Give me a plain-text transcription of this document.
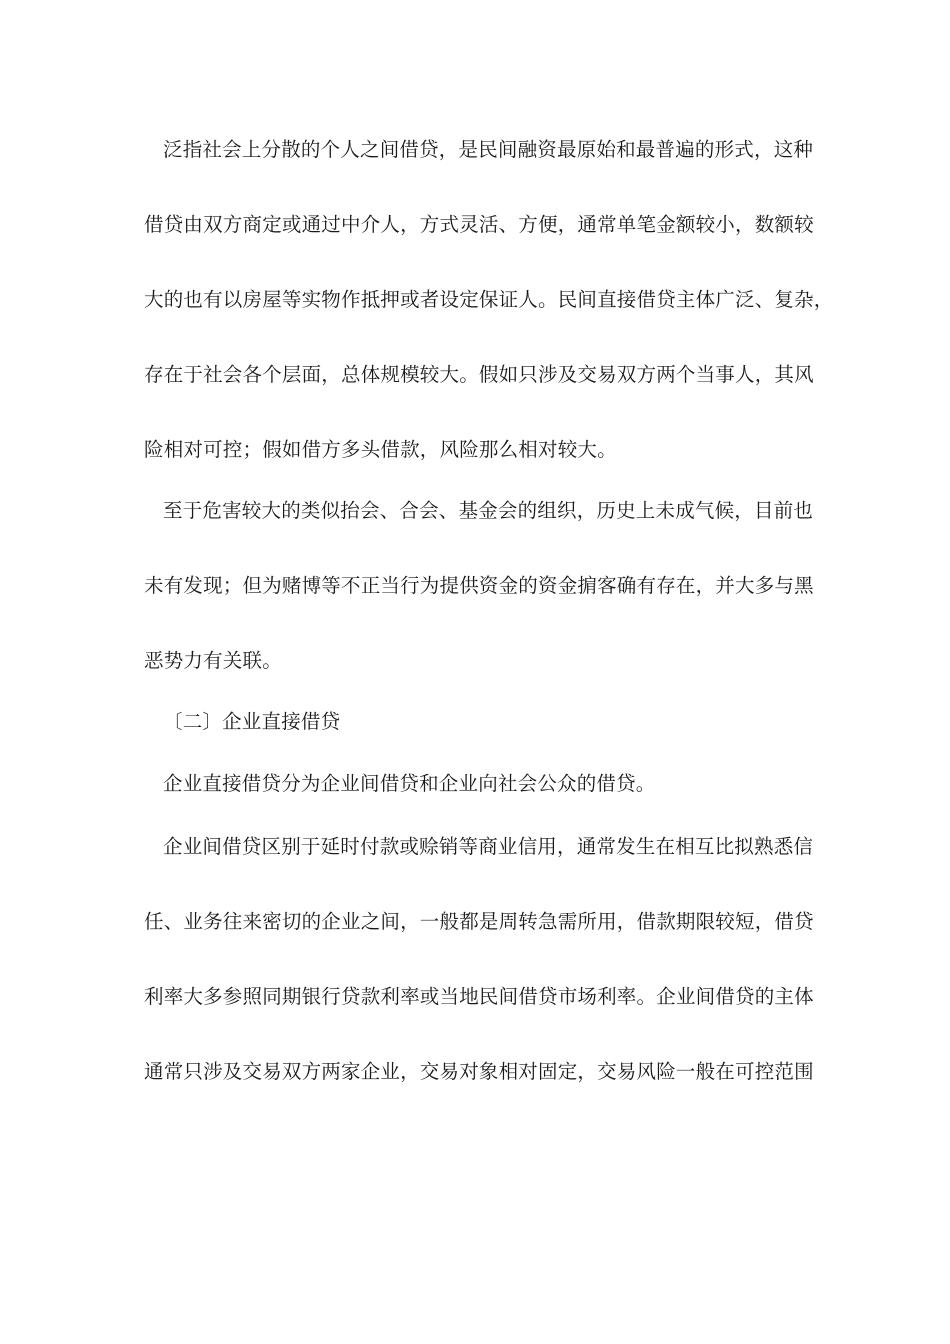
泛指社会上分散的个人之间借贷，是民间融资最原始和最普遍的形式，这种
借贷由双方商定或通过中介人，方式灵活、方便，通常单笔金额较小，数额较
大的也有以房屋等实物作抵押或者设定保证人。民间直接借贷主体广泛、复杂，
存在于社会各个层面，总体规模较大。假如只涉及交易双方两个当事人，其风
险相对可控；假如借方多头借款，风险那么相对较大。
至于危害较大的类似抬会、合会、基金会的组织，历史上未成气候，目前也
未有发现；但为赌博等不正当行为提供资金的资金掮客确有存在，并大多与黑
恶势力有关联。
〔二〕企业直接借贷
企业直接借贷分为企业间借贷和企业向社会公众的借贷。
企业间借贷区别于延时付款或赊销等商业信用，通常发生在相互比拟熟悉信
任、业务往来密切的企业之间，一般都是周转急需所用，借款期限较短，借贷
利率大多参照同期银行贷款利率或当地民间借贷市场利率。企业间借贷的主体
通常只涉及交易双方两家企业，交易对象相对固定，交易风险一般在可控范围
